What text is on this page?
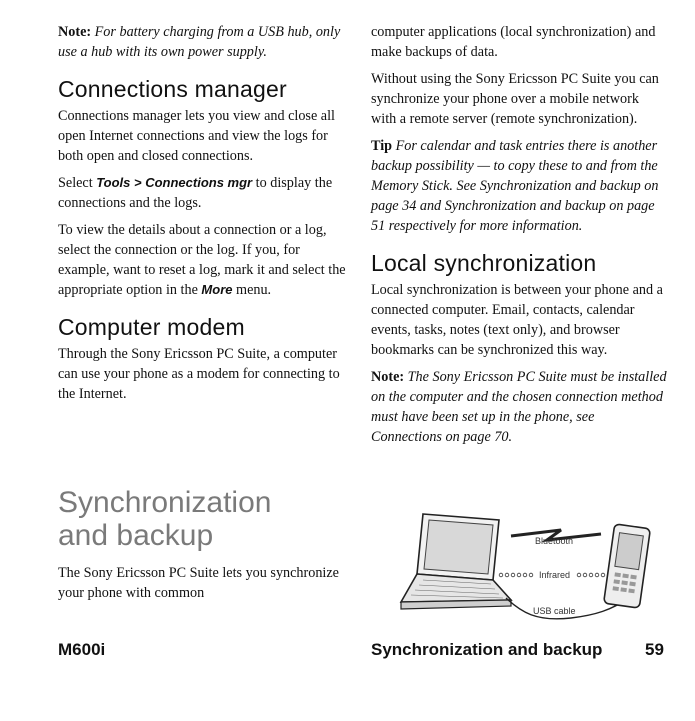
Note: For battery charging from a USB hub, only use a hub with its own power supply.

Connections manager

Connections manager lets you view and close all open Internet connections and view the logs for both open and closed connections.

Select Tools > Connections mgr to display the connections and the logs.

To view the details about a connection or a log, select the connection or the log. If you, for example, want to reset a log, mark it and select the appropriate option in the More menu.

Computer modem

Through the Sony Ericsson PC Suite, a computer can use your phone as a modem for connecting to the Internet.

Synchronization
and backup
The Sony Ericsson PC Suite lets you synchronize your phone with common

computer applications (local synchronization) and make backups of data.

Without using the Sony Ericsson PC Suite you can synchronize your phone over a mobile network with a remote server (remote synchronization).

Tip For calendar and task entries there is another backup possibility — to copy these to and from the Memory Stick. See Synchronization and backup on page 34 and Synchronization and backup on page 51 respectively for more information.

Local synchronization

Local synchronization is between your phone and a connected computer. Email, contacts, calendar events, tasks, notes (text only), and browser bookmarks can be synchronized this way.

Note: The Sony Ericsson PC Suite must be installed on the computer and the chosen connection method must have been set up in the phone, see Connections on page 70.

Bluetooth
Infrared
USB cable
M600i	Synchronization and backup	59
